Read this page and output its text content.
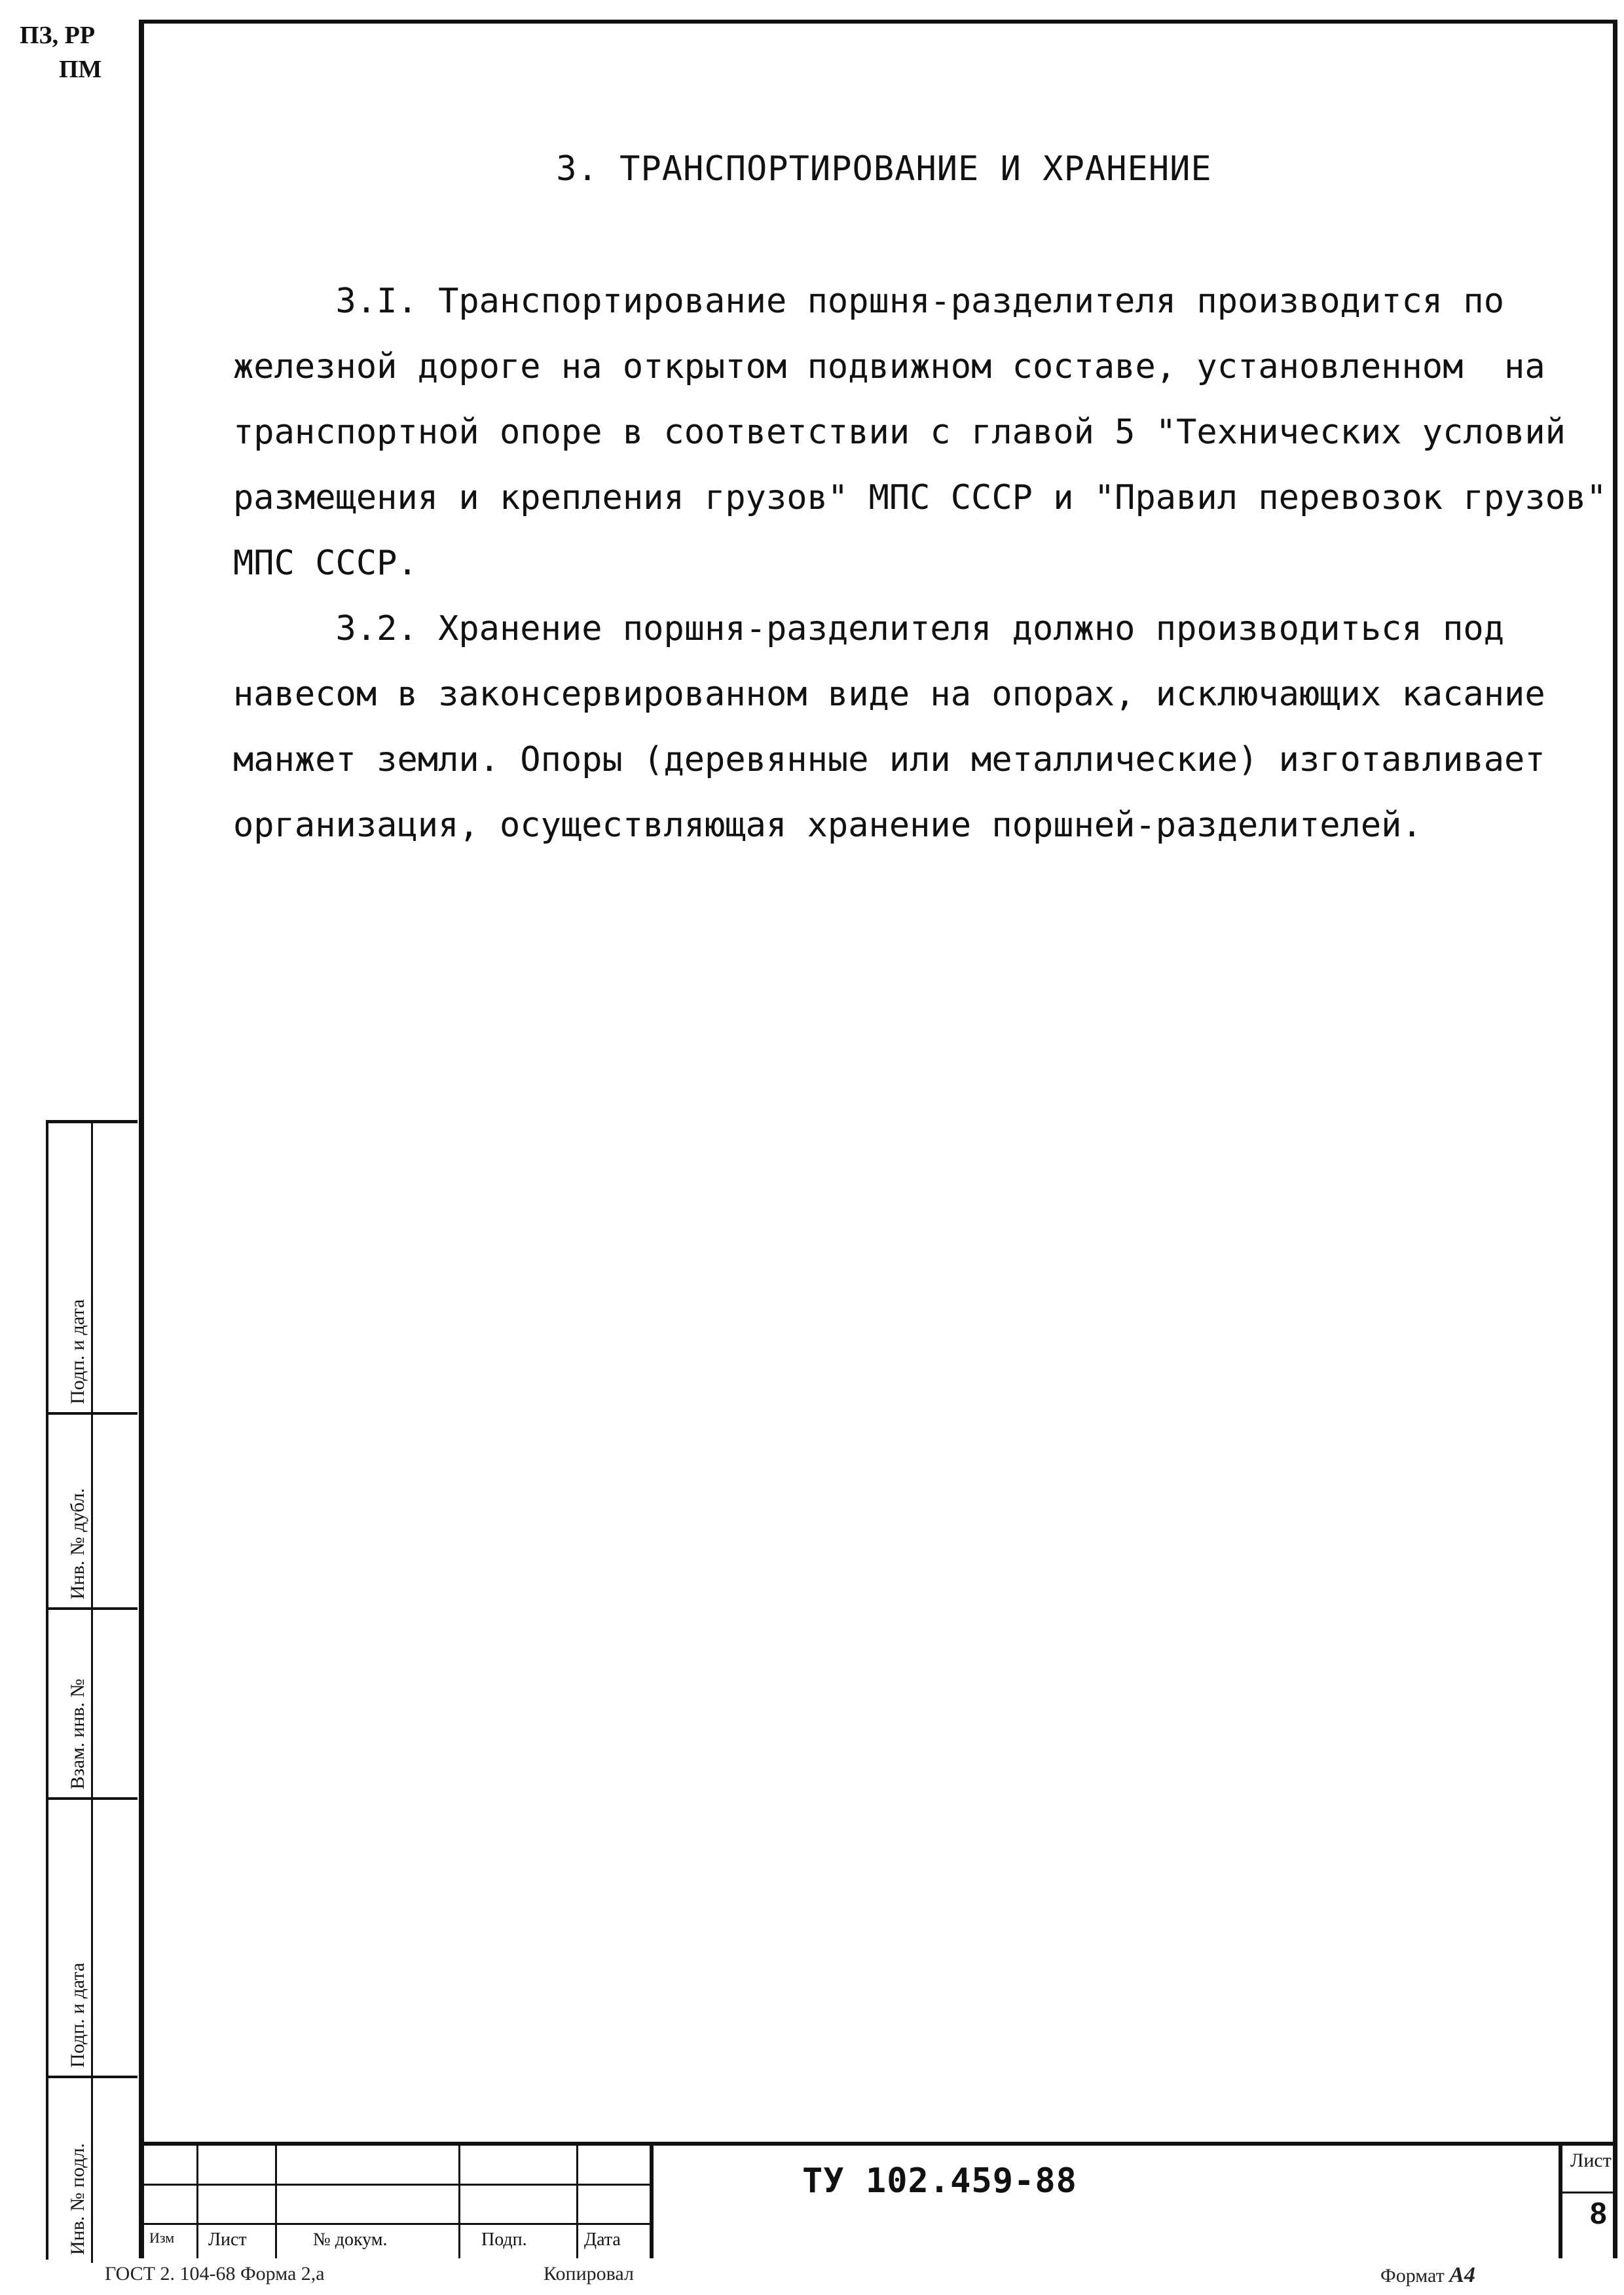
ПЗ, РР
ПМ
3. ТРАНСПОРТИРОВАНИЕ И ХРАНЕНИЕ
3.I. Транспортирование поршня-разделителя производится по
железной дороге на открытом подвижном составе, установленном  на
транспортной опоре в соответствии с главой 5 "Технических условий
размещения и крепления грузов" МПС СССР и "Правил перевозок грузов"
МПС СССР.
3.2. Хранение поршня-разделителя должно производиться под
навесом в законсервированном виде на опорах, исключающих касание
манжет земли. Опоры (деревянные или металлические) изготавливает
организация, осуществляющая хранение поршней-разделителей.
Подп. и дата
Инв. № дубл.
Взам. инв. №
Подп. и дата
Инв. № подл.	ТУ 102.459-88
Изм Лист	№ докум.	Подп.	Дата
Лист
8
ГОСТ 2. 104-68 Форма 2,а	Копировал	Формат А4
